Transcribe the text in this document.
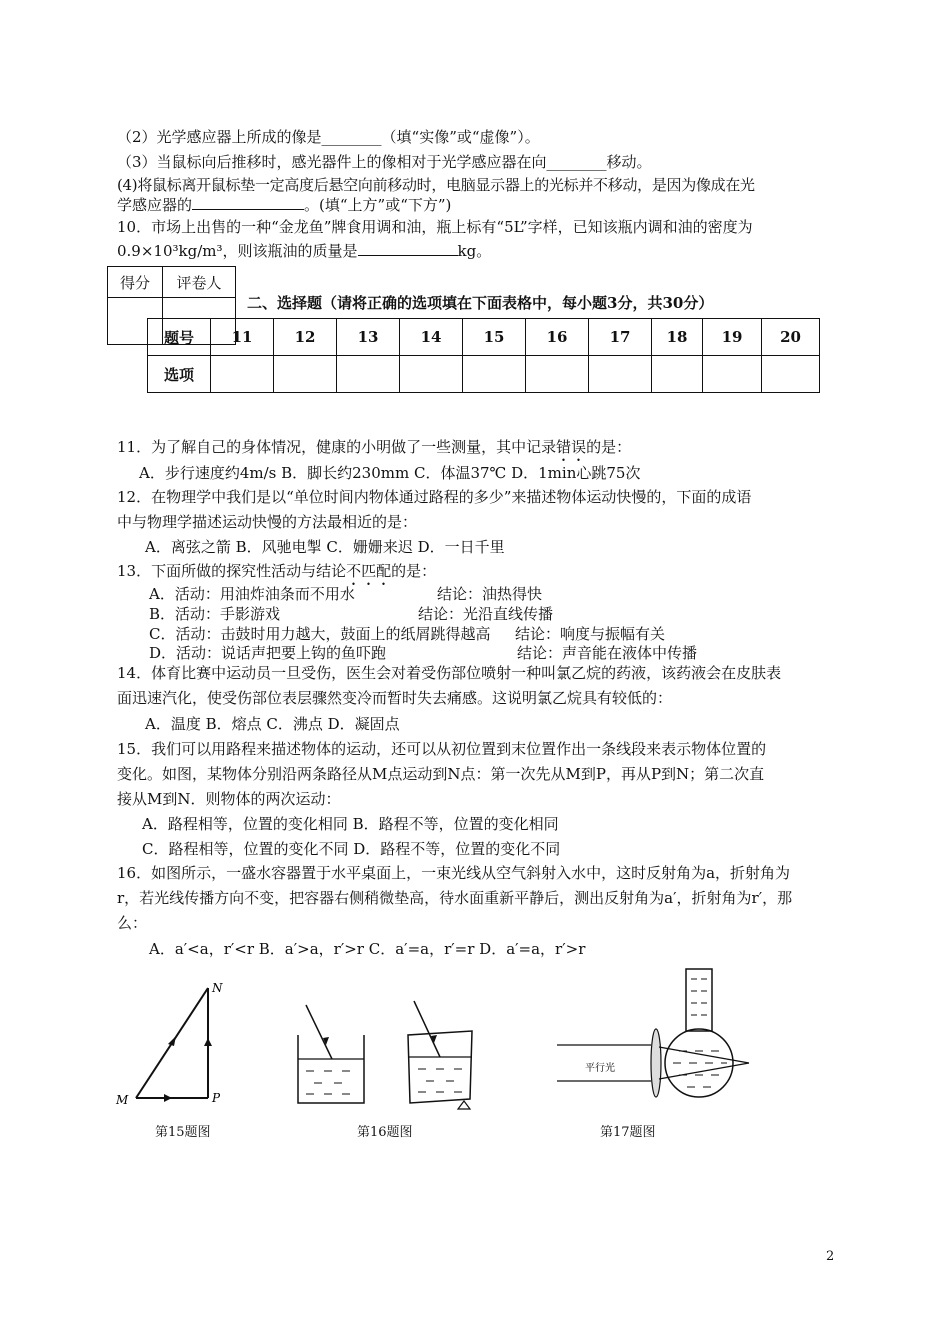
（2）光学感应器上所成的像是________（填“实像”或“虚像”）。
（3）当鼠标向后推移时，感光器件上的像相对于光学感应器在向________移动。
(4)将鼠标离开鼠标垫一定高度后悬空向前移动时，电脑显示器上的光标并不移动，是因为像成在光
学感应器的	。(填“上方”或“下方”)
10．市场上出售的一种“金龙鱼”牌食用调和油，瓶上标有“5L”字样，已知该瓶内调和油的密度为
0.9×10³kg/m³，则该瓶油的质量是	kg。
得分	评卷人

二、选择题（请将正确的选项填在下面表格中，每小题3分，共30分）
题号	11	12	13	14	15	16	17	18	19	20
选项										
11．为了解自己的身体情况，健康的小明做了一些测量，其中记录错误的是：
A．步行速度约4m/s B．脚长约230mm C．体温37℃ D．1min心跳75次
12．在物理学中我们是以“单位时间内物体通过路程的多少”来描述物体运动快慢的，下面的成语
中与物理学描述运动快慢的方法最相近的是：
A．离弦之箭 B．风驰电掣 C．姗姗来迟 D．一日千里
13．下面所做的探究性活动与结论不匹配的是：
A．活动：用油炸油条而不用水	结论：油热得快
B．活动：手影游戏	结论：光沿直线传播
C．活动：击鼓时用力越大，鼓面上的纸屑跳得越高 结论：响度与振幅有关
D．活动：说话声把要上钩的鱼吓跑	结论：声音能在液体中传播
14．体育比赛中运动员一旦受伤，医生会对着受伤部位喷射一种叫氯乙烷的药液，该药液会在皮肤表
面迅速汽化，使受伤部位表层骤然变冷而暂时失去痛感。这说明氯乙烷具有较低的：
A．温度 B．熔点 C．沸点 D．凝固点
15．我们可以用路程来描述物体的运动，还可以从初位置到末位置作出一条线段来表示物体位置的
变化。如图，某物体分别沿两条路径从M点运动到N点：第一次先从M到P，再从P到N；第二次直
接从M到N．则物体的两次运动：
A．路程相等，位置的变化相同 B．路程不等，位置的变化相同
C．路程相等，位置的变化不同 D．路程不等，位置的变化不同
16．如图所示，一盛水容器置于水平桌面上，一束光线从空气斜射入水中，这时反射角为a，折射角为
r，若光线传播方向不变，把容器右侧稍微垫高，待水面重新平静后，测出反射角为a′，折射角为r′，那
么：
A．a′<a，r′<r B．a′>a，r′>r C．a′=a，r′=r D．a′=a，r′>r
N
M	P
第15题图	第16题图
平行光
第17题图
2
